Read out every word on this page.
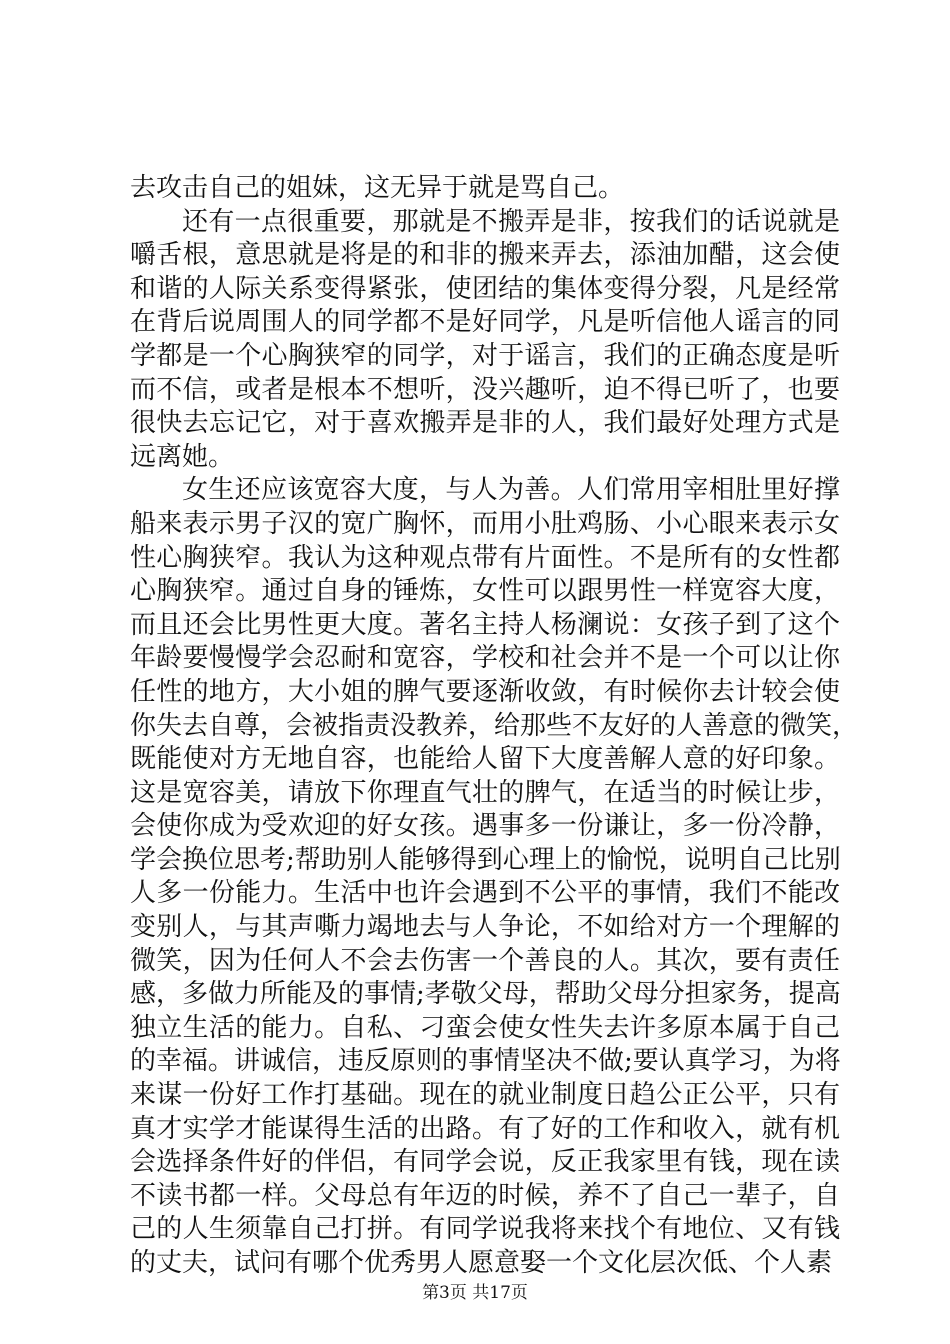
去攻击自己的姐妹，这无异于就是骂自己。
还有一点很重要，那就是不搬弄是非，按我们的话说就是
嚼舌根，意思就是将是的和非的搬来弄去，添油加醋，这会使
和谐的人际关系变得紧张，使团结的集体变得分裂，凡是经常
在背后说周围人的同学都不是好同学，凡是听信他人谣言的同
学都是一个心胸狭窄的同学，对于谣言，我们的正确态度是听
而不信，或者是根本不想听，没兴趣听，迫不得已听了，也要
很快去忘记它，对于喜欢搬弄是非的人，我们最好处理方式是
远离她。
女生还应该宽容大度，与人为善。人们常用宰相肚里好撑
船来表示男子汉的宽广胸怀，而用小肚鸡肠、小心眼来表示女
性心胸狭窄。我认为这种观点带有片面性。不是所有的女性都
心胸狭窄。通过自身的锤炼，女性可以跟男性一样宽容大度，
而且还会比男性更大度。著名主持人杨澜说：女孩子到了这个
年龄要慢慢学会忍耐和宽容，学校和社会并不是一个可以让你
任性的地方，大小姐的脾气要逐渐收敛，有时候你去计较会使
你失去自尊，会被指责没教养，给那些不友好的人善意的微笑，
既能使对方无地自容，也能给人留下大度善解人意的好印象。
这是宽容美，请放下你理直气壮的脾气，在适当的时候让步，
会使你成为受欢迎的好女孩。遇事多一份谦让，多一份冷静，
学会换位思考;帮助别人能够得到心理上的愉悦，说明自己比别
人多一份能力。生活中也许会遇到不公平的事情，我们不能改
变别人，与其声嘶力竭地去与人争论，不如给对方一个理解的
微笑，因为任何人不会去伤害一个善良的人。其次，要有责任
感，多做力所能及的事情;孝敬父母，帮助父母分担家务，提高
独立生活的能力。自私、刁蛮会使女性失去许多原本属于自己
的幸福。讲诚信，违反原则的事情坚决不做;要认真学习，为将
来谋一份好工作打基础。现在的就业制度日趋公正公平，只有
真才实学才能谋得生活的出路。有了好的工作和收入，就有机
会选择条件好的伴侣，有同学会说，反正我家里有钱，现在读
不读书都一样。父母总有年迈的时候，养不了自己一辈子，自
己的人生须靠自己打拼。有同学说我将来找个有地位、又有钱
的丈夫，试问有哪个优秀男人愿意娶一个文化层次低、个人素
第3页 共17页
